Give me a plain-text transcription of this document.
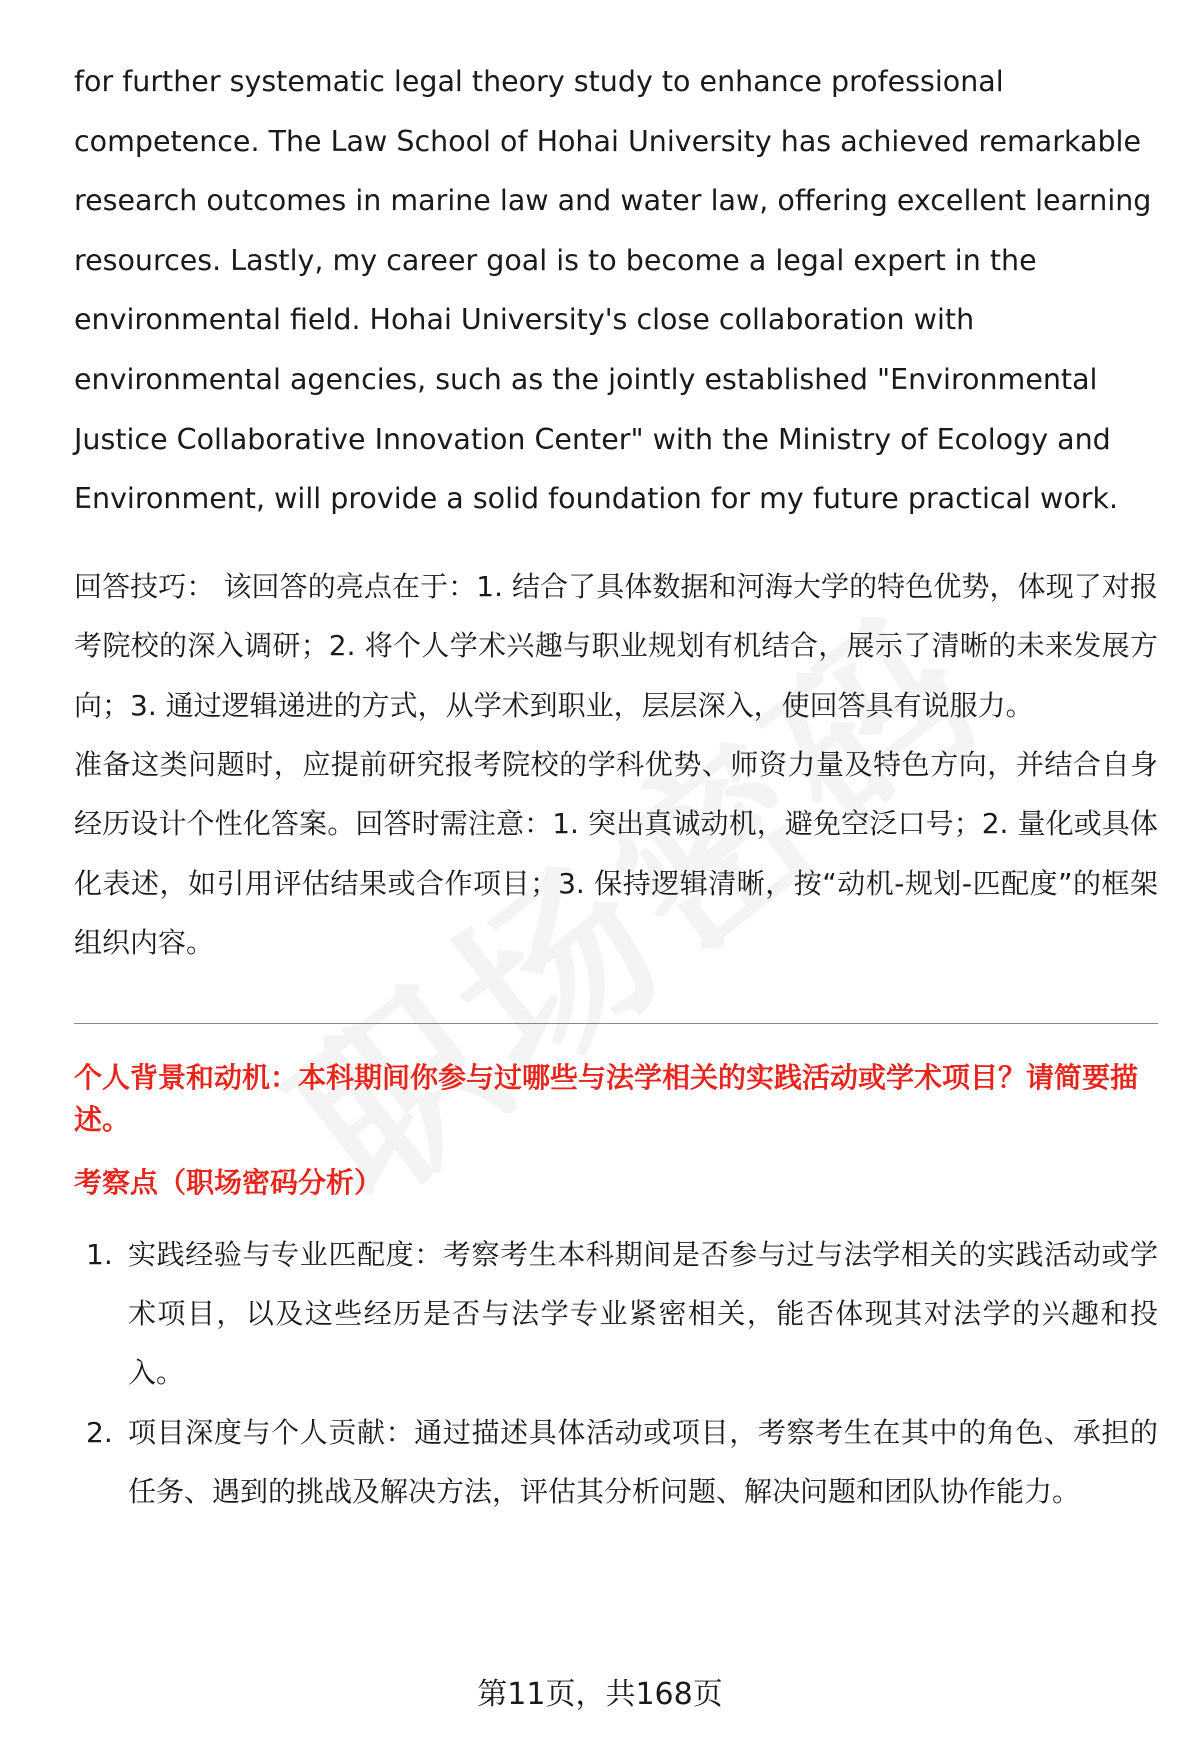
for further systematic legal theory study to enhance professional competence. The Law School of Hohai University has achieved remarkable research outcomes in marine law and water law, offering excellent learning resources. Lastly, my career goal is to become a legal expert in the environmental field. Hohai University's close collaboration with environmental agencies, such as the jointly established "Environmental Justice Collaborative Innovation Center" with the Ministry of Ecology and Environment, will provide a solid foundation for my future practical work.

回答技巧： 该回答的亮点在于：1. 结合了具体数据和河海大学的特色优势，体现了对报考院校的深入调研；2. 将个人学术兴趣与职业规划有机结合，展示了清晰的未来发展方向；3. 通过逻辑递进的方式，从学术到职业，层层深入，使回答具有说服力。

准备这类问题时，应提前研究报考院校的学科优势、师资力量及特色方向，并结合自身经历设计个性化答案。回答时需注意：1. 突出真诚动机，避免空泛口号；2. 量化或具体化表述，如引用评估结果或合作项目；3. 保持逻辑清晰，按“动机-规划-匹配度”的框架组织内容。

个人背景和动机：本科期间你参与过哪些与法学相关的实践活动或学术项目？请简要描述。
考察点（职场密码分析）
1. 实践经验与专业匹配度：考察考生本科期间是否参与过与法学相关的实践活动或学术项目，以及这些经历是否与法学专业紧密相关，能否体现其对法学的兴趣和投入。
2. 项目深度与个人贡献：通过描述具体活动或项目，考察考生在其中的角色、承担的任务、遇到的挑战及解决方法，评估其分析问题、解决问题和团队协作能力。
第11页，共168页
